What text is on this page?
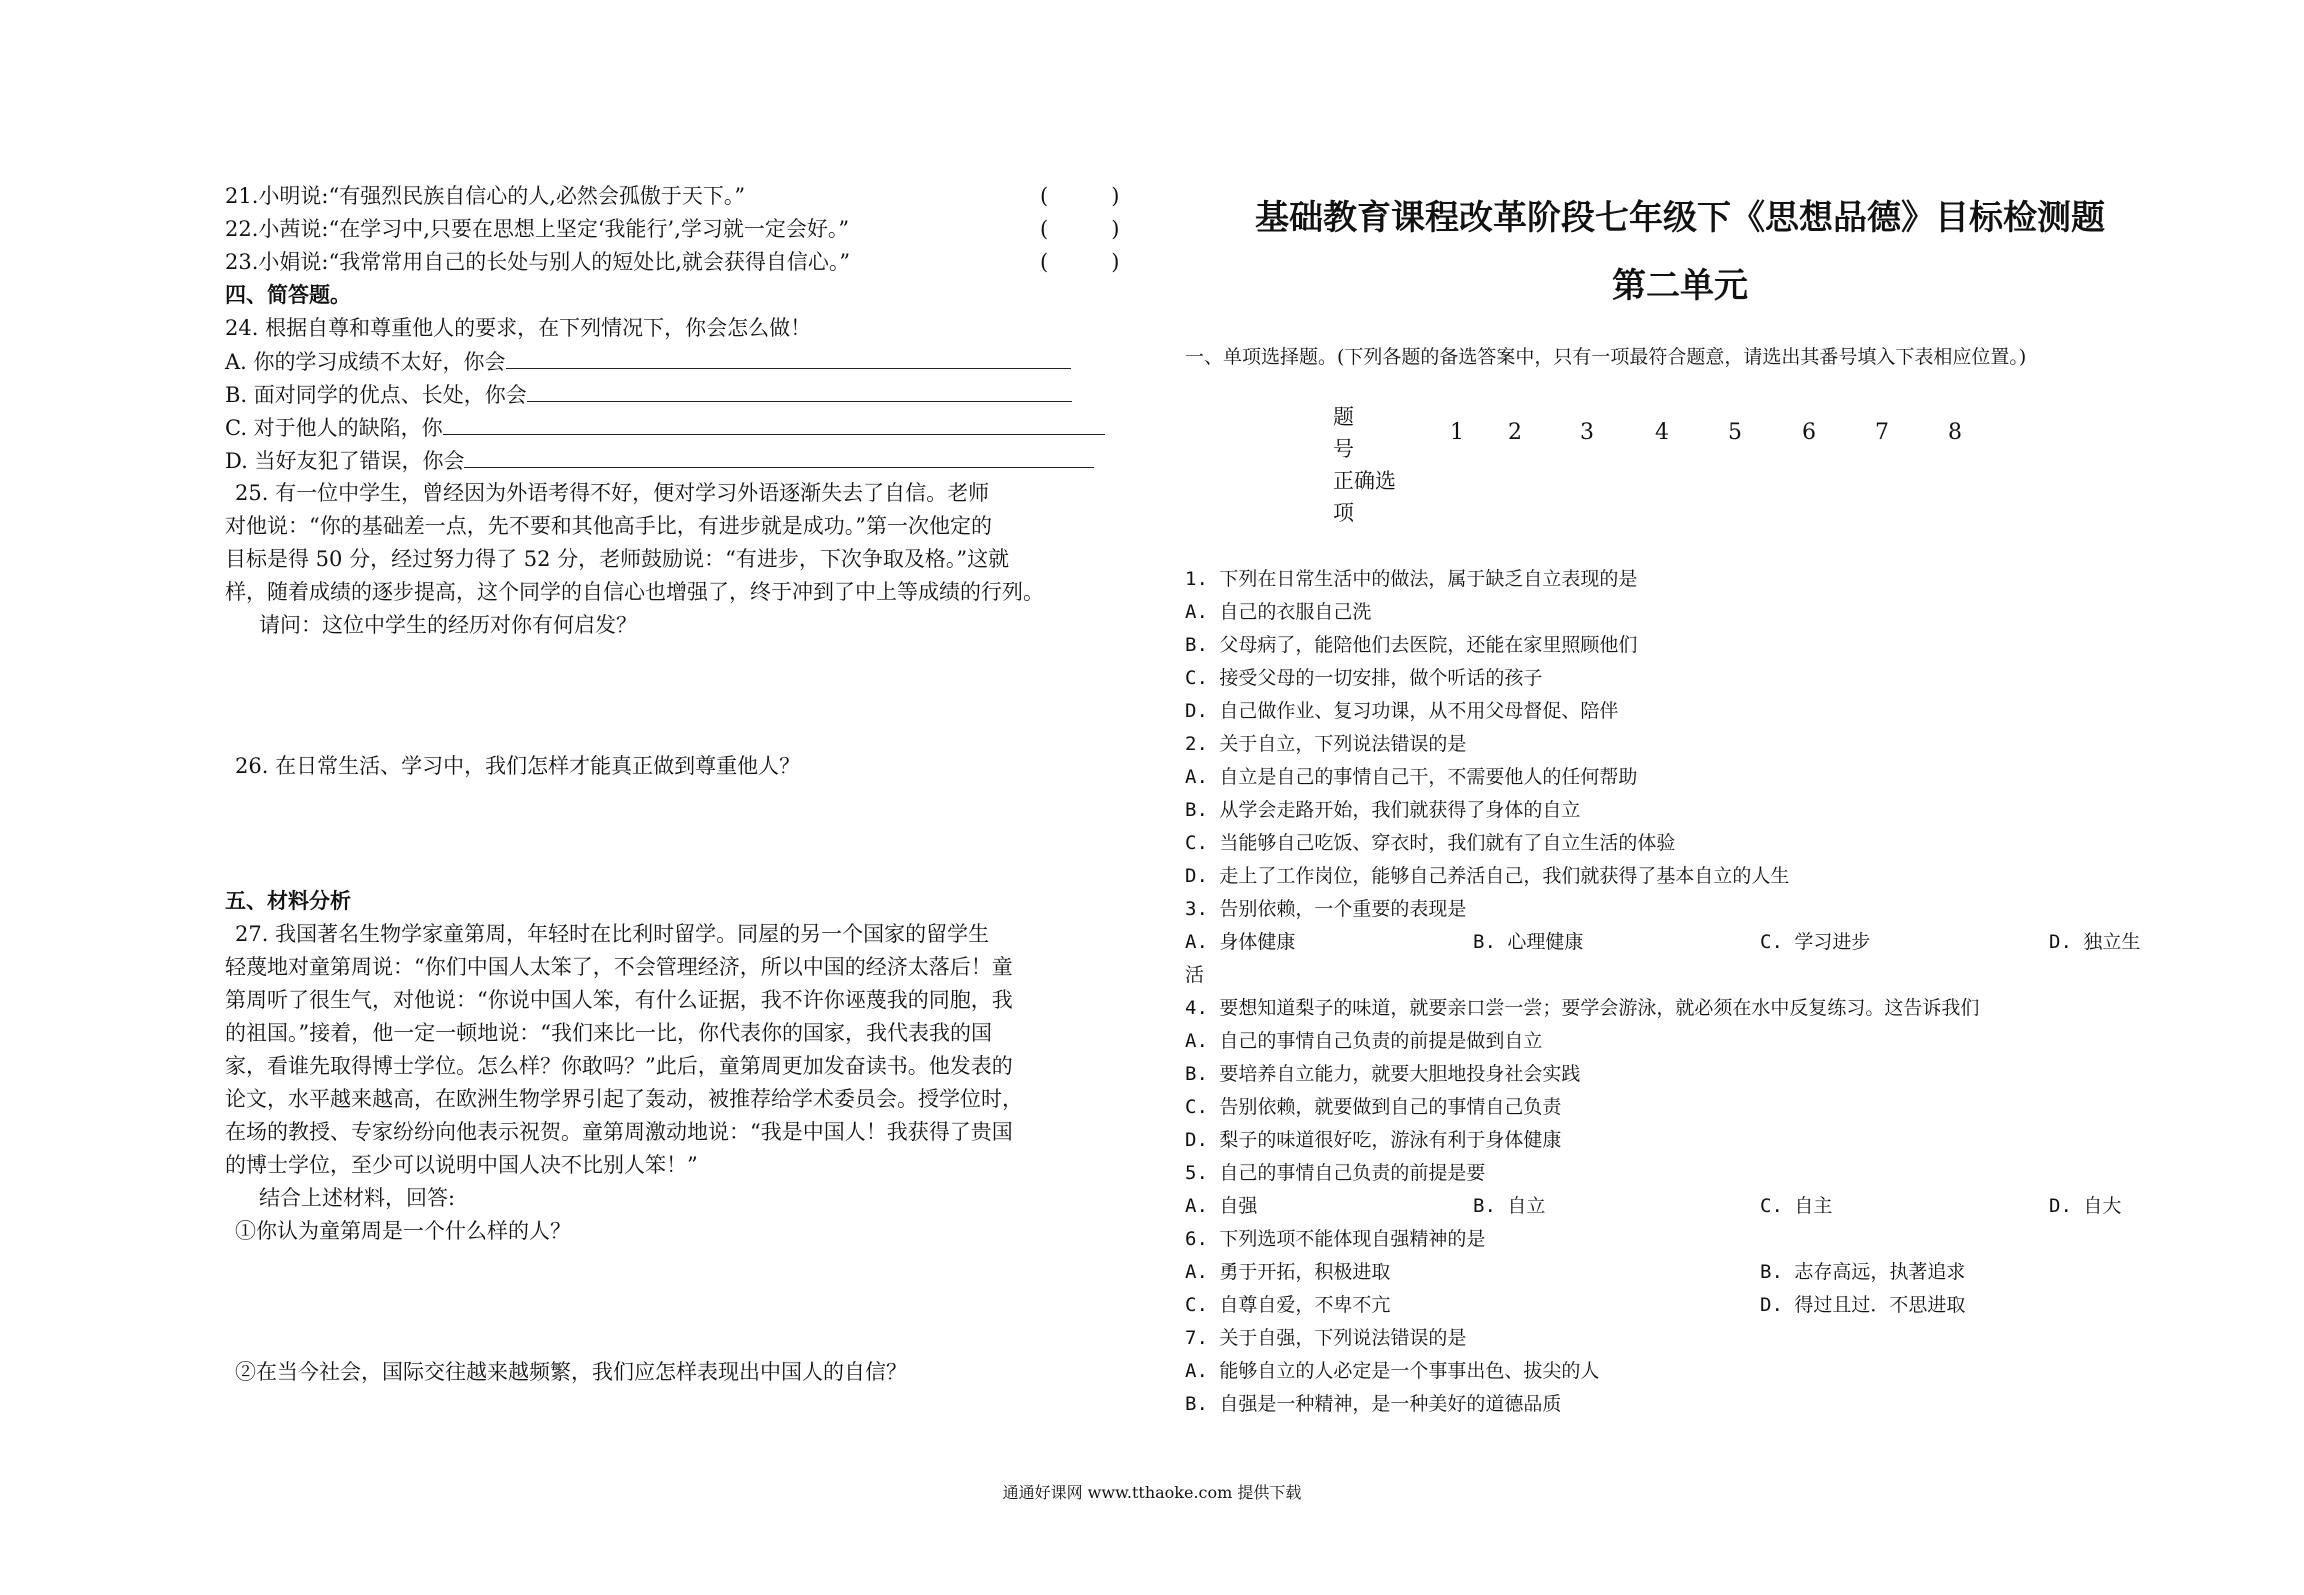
21.小明说:“有强烈民族自信心的人,必然会孤傲于天下。”	(　　　)
22.小茜说:“在学习中,只要在思想上坚定‘我能行’,学习就一定会好。”	(　　　)
23.小娟说:“我常常用自己的长处与别人的短处比,就会获得自信心。”	(　　　)
四、简答题。
24. 根据自尊和尊重他人的要求，在下列情况下，你会怎么做！
A. 你的学习成绩不太好，你会
B. 面对同学的优点、长处，你会
C. 对于他人的缺陷，你
D. 当好友犯了错误，你会
25. 有一位中学生，曾经因为外语考得不好，便对学习外语逐渐失去了自信。老师
对他说：“你的基础差一点，先不要和其他高手比，有进步就是成功。”第一次他定的
目标是得 50 分，经过努力得了 52 分，老师鼓励说：“有进步，下次争取及格。”这就
样，随着成绩的逐步提高，这个同学的自信心也增强了，终于冲到了中上等成绩的行列。
请问：这位中学生的经历对你有何启发？
26. 在日常生活、学习中，我们怎样才能真正做到尊重他人？
五、材料分析
27. 我国著名生物学家童第周，年轻时在比利时留学。同屋的另一个国家的留学生
轻蔑地对童第周说：“你们中国人太笨了，不会管理经济，所以中国的经济太落后！童
第周听了很生气，对他说：“你说中国人笨，有什么证据，我不许你诬蔑我的同胞，我
的祖国。”接着，他一定一顿地说：“我们来比一比，你代表你的国家，我代表我的国
家，看谁先取得博士学位。怎么样？你敢吗？”此后，童第周更加发奋读书。他发表的
论文，水平越来越高，在欧洲生物学界引起了轰动，被推荐给学术委员会。授学位时，
在场的教授、专家纷纷向他表示祝贺。童第周激动地说：“我是中国人！我获得了贵国
的博士学位，至少可以说明中国人决不比别人笨！”
结合上述材料，回答:
①你认为童第周是一个什么样的人？
②在当今社会，国际交往越来越频繁，我们应怎样表现出中国人的自信？
基础教育课程改革阶段七年级下《思想品德》目标检测题
第二单元
一、单项选择题。(下列各题的备选答案中，只有一项最符合题意，请选出其番号填入下表相应位置。)
题
号
正确选
项
1 2	3	4	5	6	7	8
1. 下列在日常生活中的做法，属于缺乏自立表现的是
A. 自己的衣服自己洗
B. 父母病了，能陪他们去医院，还能在家里照顾他们
C. 接受父母的一切安排，做个听话的孩子
D. 自己做作业、复习功课，从不用父母督促、陪伴
2. 关于自立，下列说法错误的是
A. 自立是自己的事情自己干，不需要他人的任何帮助
B. 从学会走路开始，我们就获得了身体的自立
C. 当能够自己吃饭、穿衣时，我们就有了自立生活的体验
D. 走上了工作岗位，能够自己养活自己，我们就获得了基本自立的人生
3. 告别依赖，一个重要的表现是
A. 身体健康	B. 心理健康	C. 学习进步	D. 独立生
活
4. 要想知道梨子的味道，就要亲口尝一尝；要学会游泳，就必须在水中反复练习。这告诉我们
A. 自己的事情自己负责的前提是做到自立
B. 要培养自立能力，就要大胆地投身社会实践
C. 告别依赖，就要做到自己的事情自己负责
D. 梨子的味道很好吃，游泳有利于身体健康
5. 自己的事情自己负责的前提是要
A. 自强	B. 自立	C. 自主	D. 自大
6. 下列选项不能体现自强精神的是
A. 勇于开拓，积极进取	B. 志存高远，执著追求
C. 自尊自爱，不卑不亢	D. 得过且过．不思进取
7. 关于自强，下列说法错误的是
A. 能够自立的人必定是一个事事出色、拔尖的人
B. 自强是一种精神，是一种美好的道德品质
通通好课网 www.tthaoke.com 提供下载
